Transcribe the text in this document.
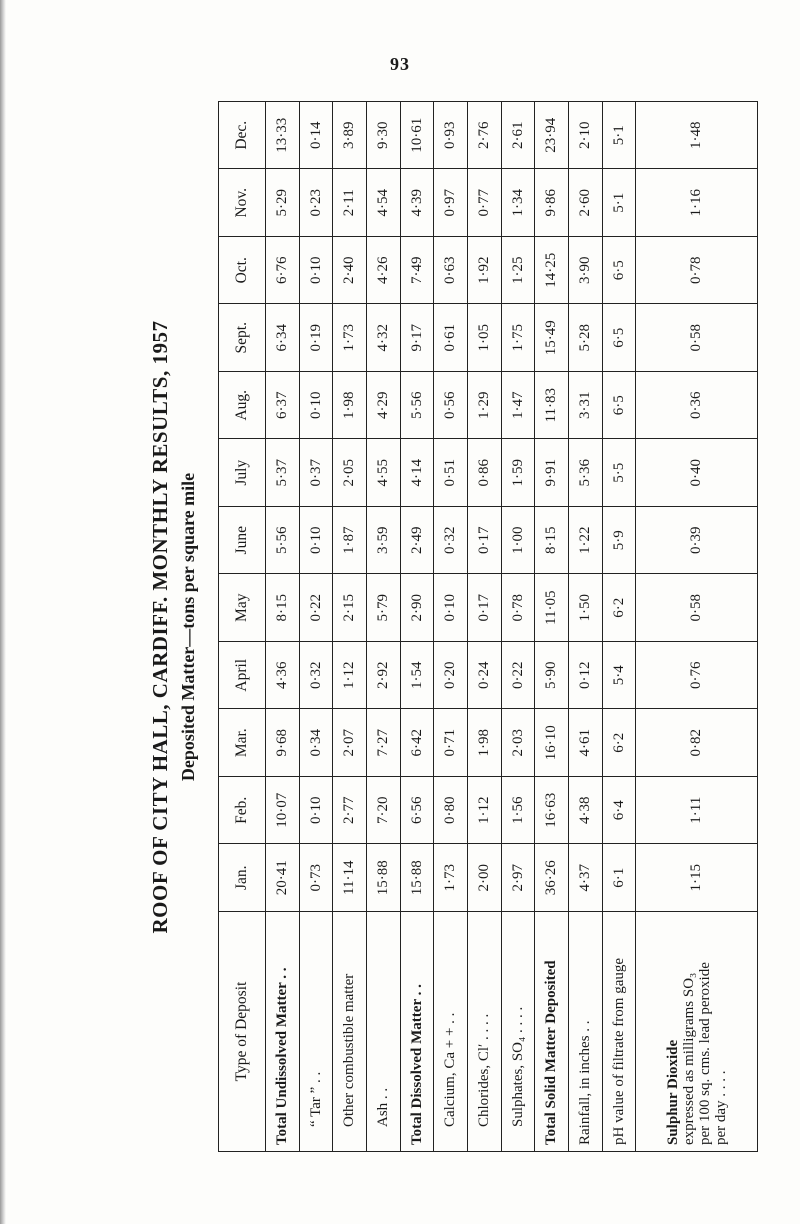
93
ROOF OF CITY HALL, CARDIFF. MONTHLY RESULTS, 1957 Deposited Matter—tons per square mile
Type of Deposit	Jan.	Feb.	Mar.	April	May	June	July	Aug.	Sept.	Oct.	Nov.	Dec.
Total Undissolved Matter . .	20·41	10·07	9·68	4·36	8·15	5·56	5·37	6·37	6·34	6·76	5·29	13·33
“ Tar ” . .	0·73	0·10	0·34	0·32	0·22	0·10	0·37	0·10	0·19	0·10	0·23	0·14
Other combustible matter	11·14	2·77	2·07	1·12	2·15	1·87	2·05	1·98	1·73	2·40	2·11	3·89
Ash . .	15·88	7·20	7·27	2·92	5·79	3·59	4·55	4·29	4·32	4·26	4·54	9·30
Total Dissolved Matter . .	15·88	6·56	6·42	1·54	2·90	2·49	4·14	5·56	9·17	7·49	4·39	10·61
Calcium, Ca + + . .	1·73	0·80	0·71	0·20	0·10	0·32	0·51	0·56	0·61	0·63	0·97	0·93
Chlorides, Cl′ . . . .	2·00	1·12	1·98	0·24	0·17	0·17	0·86	1·29	1·05	1·92	0·77	2·76
Sulphates, SO₄ . . . .	2·97	1·56	2·03	0·22	0·78	1·00	1·59	1·47	1·75	1·25	1·34	2·61
Total Solid Matter Deposited	36·26	16·63	16·10	5·90	11·05	8·15	9·91	11·83	15·49	14·25	9·86	23·94
Rainfall, in inches . .	4·37	4·38	4·61	0·12	1·50	1·22	5·36	3·31	5·28	3·90	2·60	2·10
pH value of filtrate from gauge	6·1	6·4	6·2	5·4	6·2	5·9	5·5	6·5	6·5	6·5	5·1	5·1
Sulphur Dioxide
expressed as milligrams SO₃
per 100 sq. cms. lead peroxide
per day . . . .	1·15	1·11	0·82	0·76	0·58	0·39	0·40	0·36	0·58	0·78	1·16	1·48
